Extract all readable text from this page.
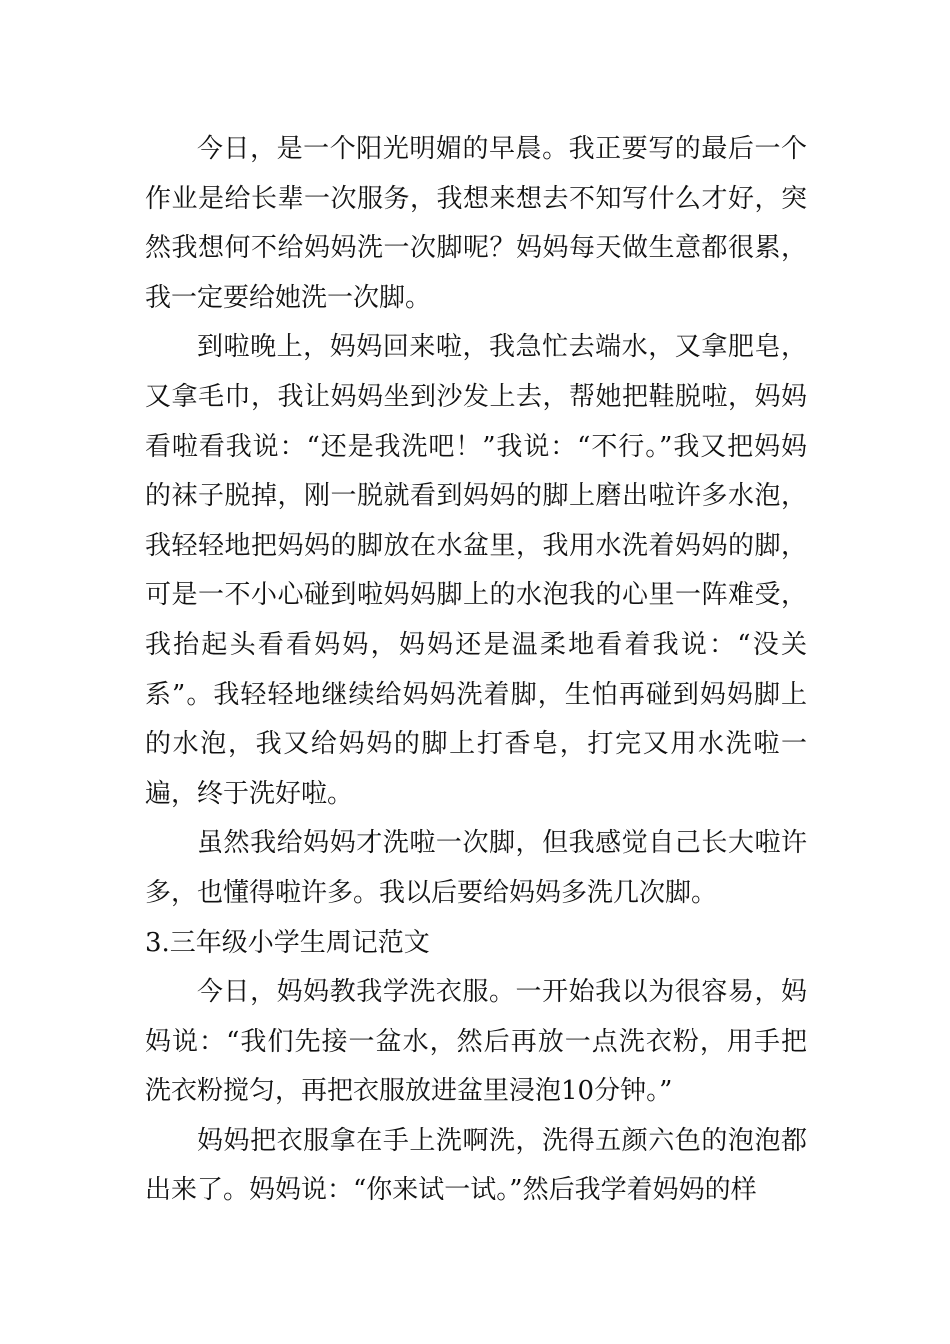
今日，是一个阳光明媚的早晨。我正要写的最后一个作业是给长辈一次服务，我想来想去不知写什么才好，突然我想何不给妈妈洗一次脚呢？妈妈每天做生意都很累，我一定要给她洗一次脚。

到啦晚上，妈妈回来啦，我急忙去端水，又拿肥皂，又拿毛巾，我让妈妈坐到沙发上去，帮她把鞋脱啦，妈妈看啦看我说：“还是我洗吧！”我说：“不行。”我又把妈妈的袜子脱掉，刚一脱就看到妈妈的脚上磨出啦许多水泡，我轻轻地把妈妈的脚放在水盆里，我用水洗着妈妈的脚，可是一不小心碰到啦妈妈脚上的水泡我的心里一阵难受，我抬起头看看妈妈，妈妈还是温柔地看着我说：“没关系”。我轻轻地继续给妈妈洗着脚，生怕再碰到妈妈脚上的水泡，我又给妈妈的脚上打香皂，打完又用水洗啦一遍，终于洗好啦。

虽然我给妈妈才洗啦一次脚，但我感觉自己长大啦许多，也懂得啦许多。我以后要给妈妈多洗几次脚。

3.三年级小学生周记范文

今日，妈妈教我学洗衣服。一开始我以为很容易，妈妈说：“我们先接一盆水，然后再放一点洗衣粉，用手把洗衣粉搅匀，再把衣服放进盆里浸泡10分钟。”

妈妈把衣服拿在手上洗啊洗，洗得五颜六色的泡泡都出来了。妈妈说：“你来试一试。”然后我学着妈妈的样
